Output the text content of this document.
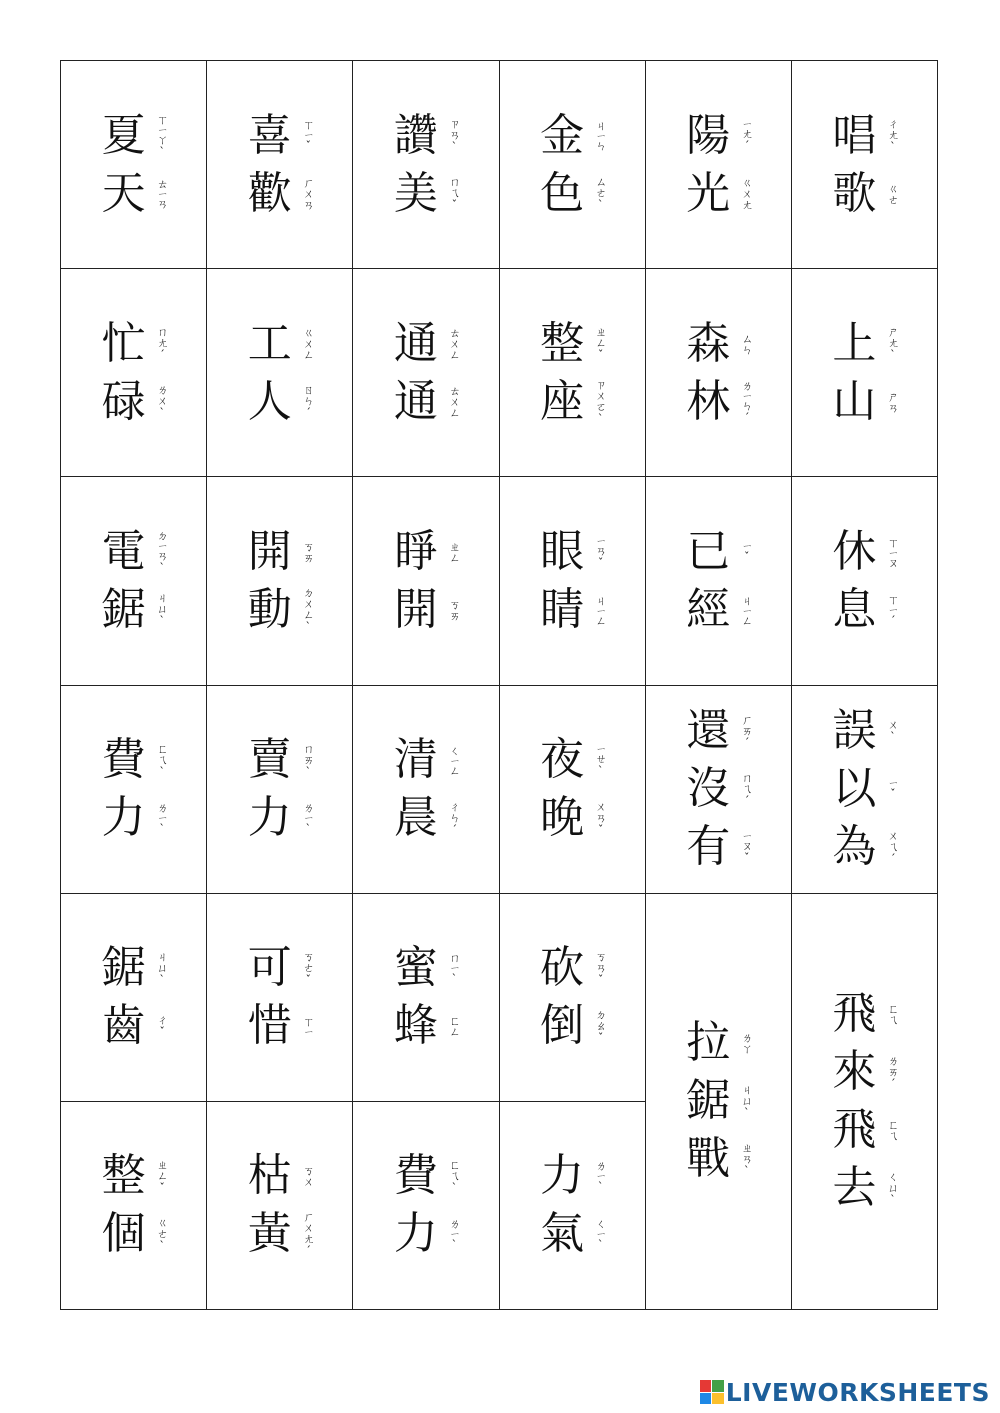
夏 ㄒㄧㄚˋ
天 ㄊㄧㄢ
喜 ㄒㄧˇ
歡 ㄏㄨㄢ
讚 ㄗㄢˋ
美 ㄇㄟˇ
金 ㄐㄧㄣ
色 ㄙㄜˋ
陽 ㄧㄤˊ
光 ㄍㄨㄤ
唱 ㄔㄤˋ
歌 ㄍㄜ
忙 ㄇㄤˊ
碌 ㄌㄨˋ
工 ㄍㄨㄥ
人 ㄖㄣˊ
通 ㄊㄨㄥ
通 ㄊㄨㄥ
整 ㄓㄥˇ
座 ㄗㄨㄛˋ
森 ㄙㄣ
林 ㄌㄧㄣˊ
上 ㄕㄤˋ
山 ㄕㄢ
電 ㄉㄧㄢˋ
鋸 ㄐㄩˋ
開 ㄎㄞ
動 ㄉㄨㄥˋ
睜 ㄓㄥ
開 ㄎㄞ
眼 ㄧㄢˇ
睛 ㄐㄧㄥ
已 ㄧˇ
經 ㄐㄧㄥ
休 ㄒㄧㄡ
息 ㄒㄧˊ
費 ㄈㄟˋ
力 ㄌㄧˋ
賣 ㄇㄞˋ
力 ㄌㄧˋ
清 ㄑㄧㄥ
晨 ㄔㄣˊ
夜 ㄧㄝˋ
晚 ㄨㄢˇ
還 ㄏㄞˊ
沒 ㄇㄟˊ
有 ㄧㄡˇ
誤 ㄨˋ
以 ㄧˇ
為 ㄨㄟˊ
鋸 ㄐㄩˋ
齒 ㄔˇ
可 ㄎㄜˇ
惜 ㄒㄧ
蜜 ㄇㄧˋ
蜂 ㄈㄥ
砍 ㄎㄢˇ
倒 ㄉㄠˇ 拉 ㄌㄚ
鋸 ㄐㄩˋ
戰 ㄓㄢˋ
飛 ㄈㄟ
來 ㄌㄞˊ
飛 ㄈㄟ
去 ㄑㄩˋ
整 ㄓㄥˇ
個 ㄍㄜˋ
枯 ㄎㄨ
黃 ㄏㄨㄤˊ
費 ㄈㄟˋ
力 ㄌㄧˋ
力 ㄌㄧˋ
氣 ㄑㄧˋ
LIVEWORKSHEETS
